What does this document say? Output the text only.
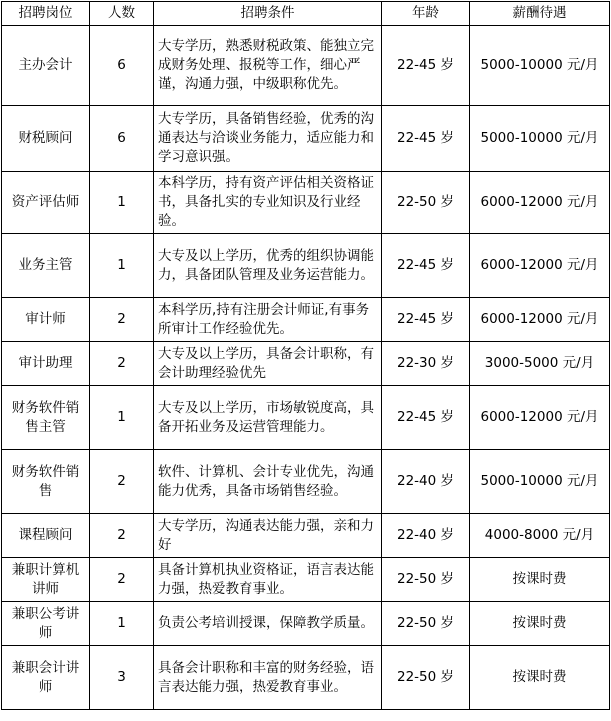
招聘岗位	人数	招聘条件	年龄	薪酬待遇
主办会计	6	大专学历，熟悉财税政策、能独立完成财务处理、报税等工作，细心严谨，沟通力强，中级职称优先。	22-45 岁	5000-10000 元/月
财税顾问	6	大专学历，具备销售经验，优秀的沟通表达与洽谈业务能力，适应能力和学习意识强。	22-45 岁	5000-10000 元/月
资产评估师	1	本科学历，持有资产评估相关资格证书，具备扎实的专业知识及行业经验。	22-50 岁	6000-12000 元/月
业务主管	1	大专及以上学历，优秀的组织协调能力，具备团队管理及业务运营能力。	22-45 岁	6000-12000 元/月
审计师	2	本科学历,持有注册会计师证,有事务所审计工作经验优先。	22-45 岁	6000-12000 元/月
审计助理	2	大专及以上学历，具备会计职称，有会计助理经验优先	22-30 岁	3000-5000 元/月
财务软件销售主管	1	大专及以上学历，市场敏锐度高，具备开拓业务及运营管理能力。	22-45 岁	6000-12000 元/月
财务软件销售	2	软件、计算机、会计专业优先，沟通能力优秀，具备市场销售经验。	22-40 岁	5000-10000 元/月
课程顾问	2	大专学历，沟通表达能力强，亲和力好	22-40 岁	4000-8000 元/月
兼职计算机讲师	2	具备计算机执业资格证，语言表达能力强，热爱教育事业。	22-50 岁	按课时费
兼职公考讲师	1	负责公考培训授课，保障教学质量。	22-50 岁	按课时费
兼职会计讲师	3	具备会计职称和丰富的财务经验，语言表达能力强，热爱教育事业。	22-50 岁	按课时费
